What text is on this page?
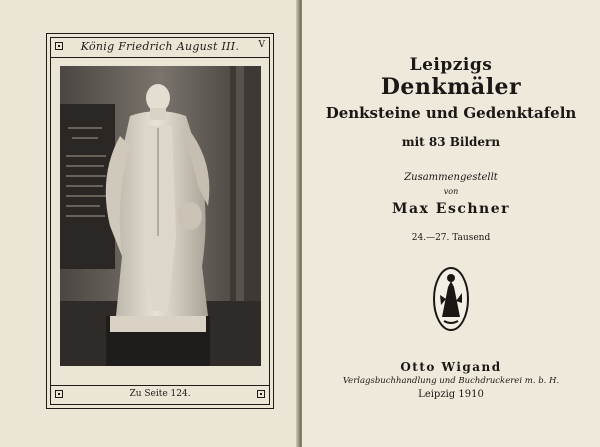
König Friedrich August III.	V
Zu Seite 124.
Leipzigs
Denkmäler
Denksteine und Gedenktafeln
mit 83 Bildern
Zusammengestellt
von
Max Eschner
24.—27. Tausend
Otto Wigand
Verlagsbuchhandlung und Buchdruckerei m. b. H.
Leipzig 1910
